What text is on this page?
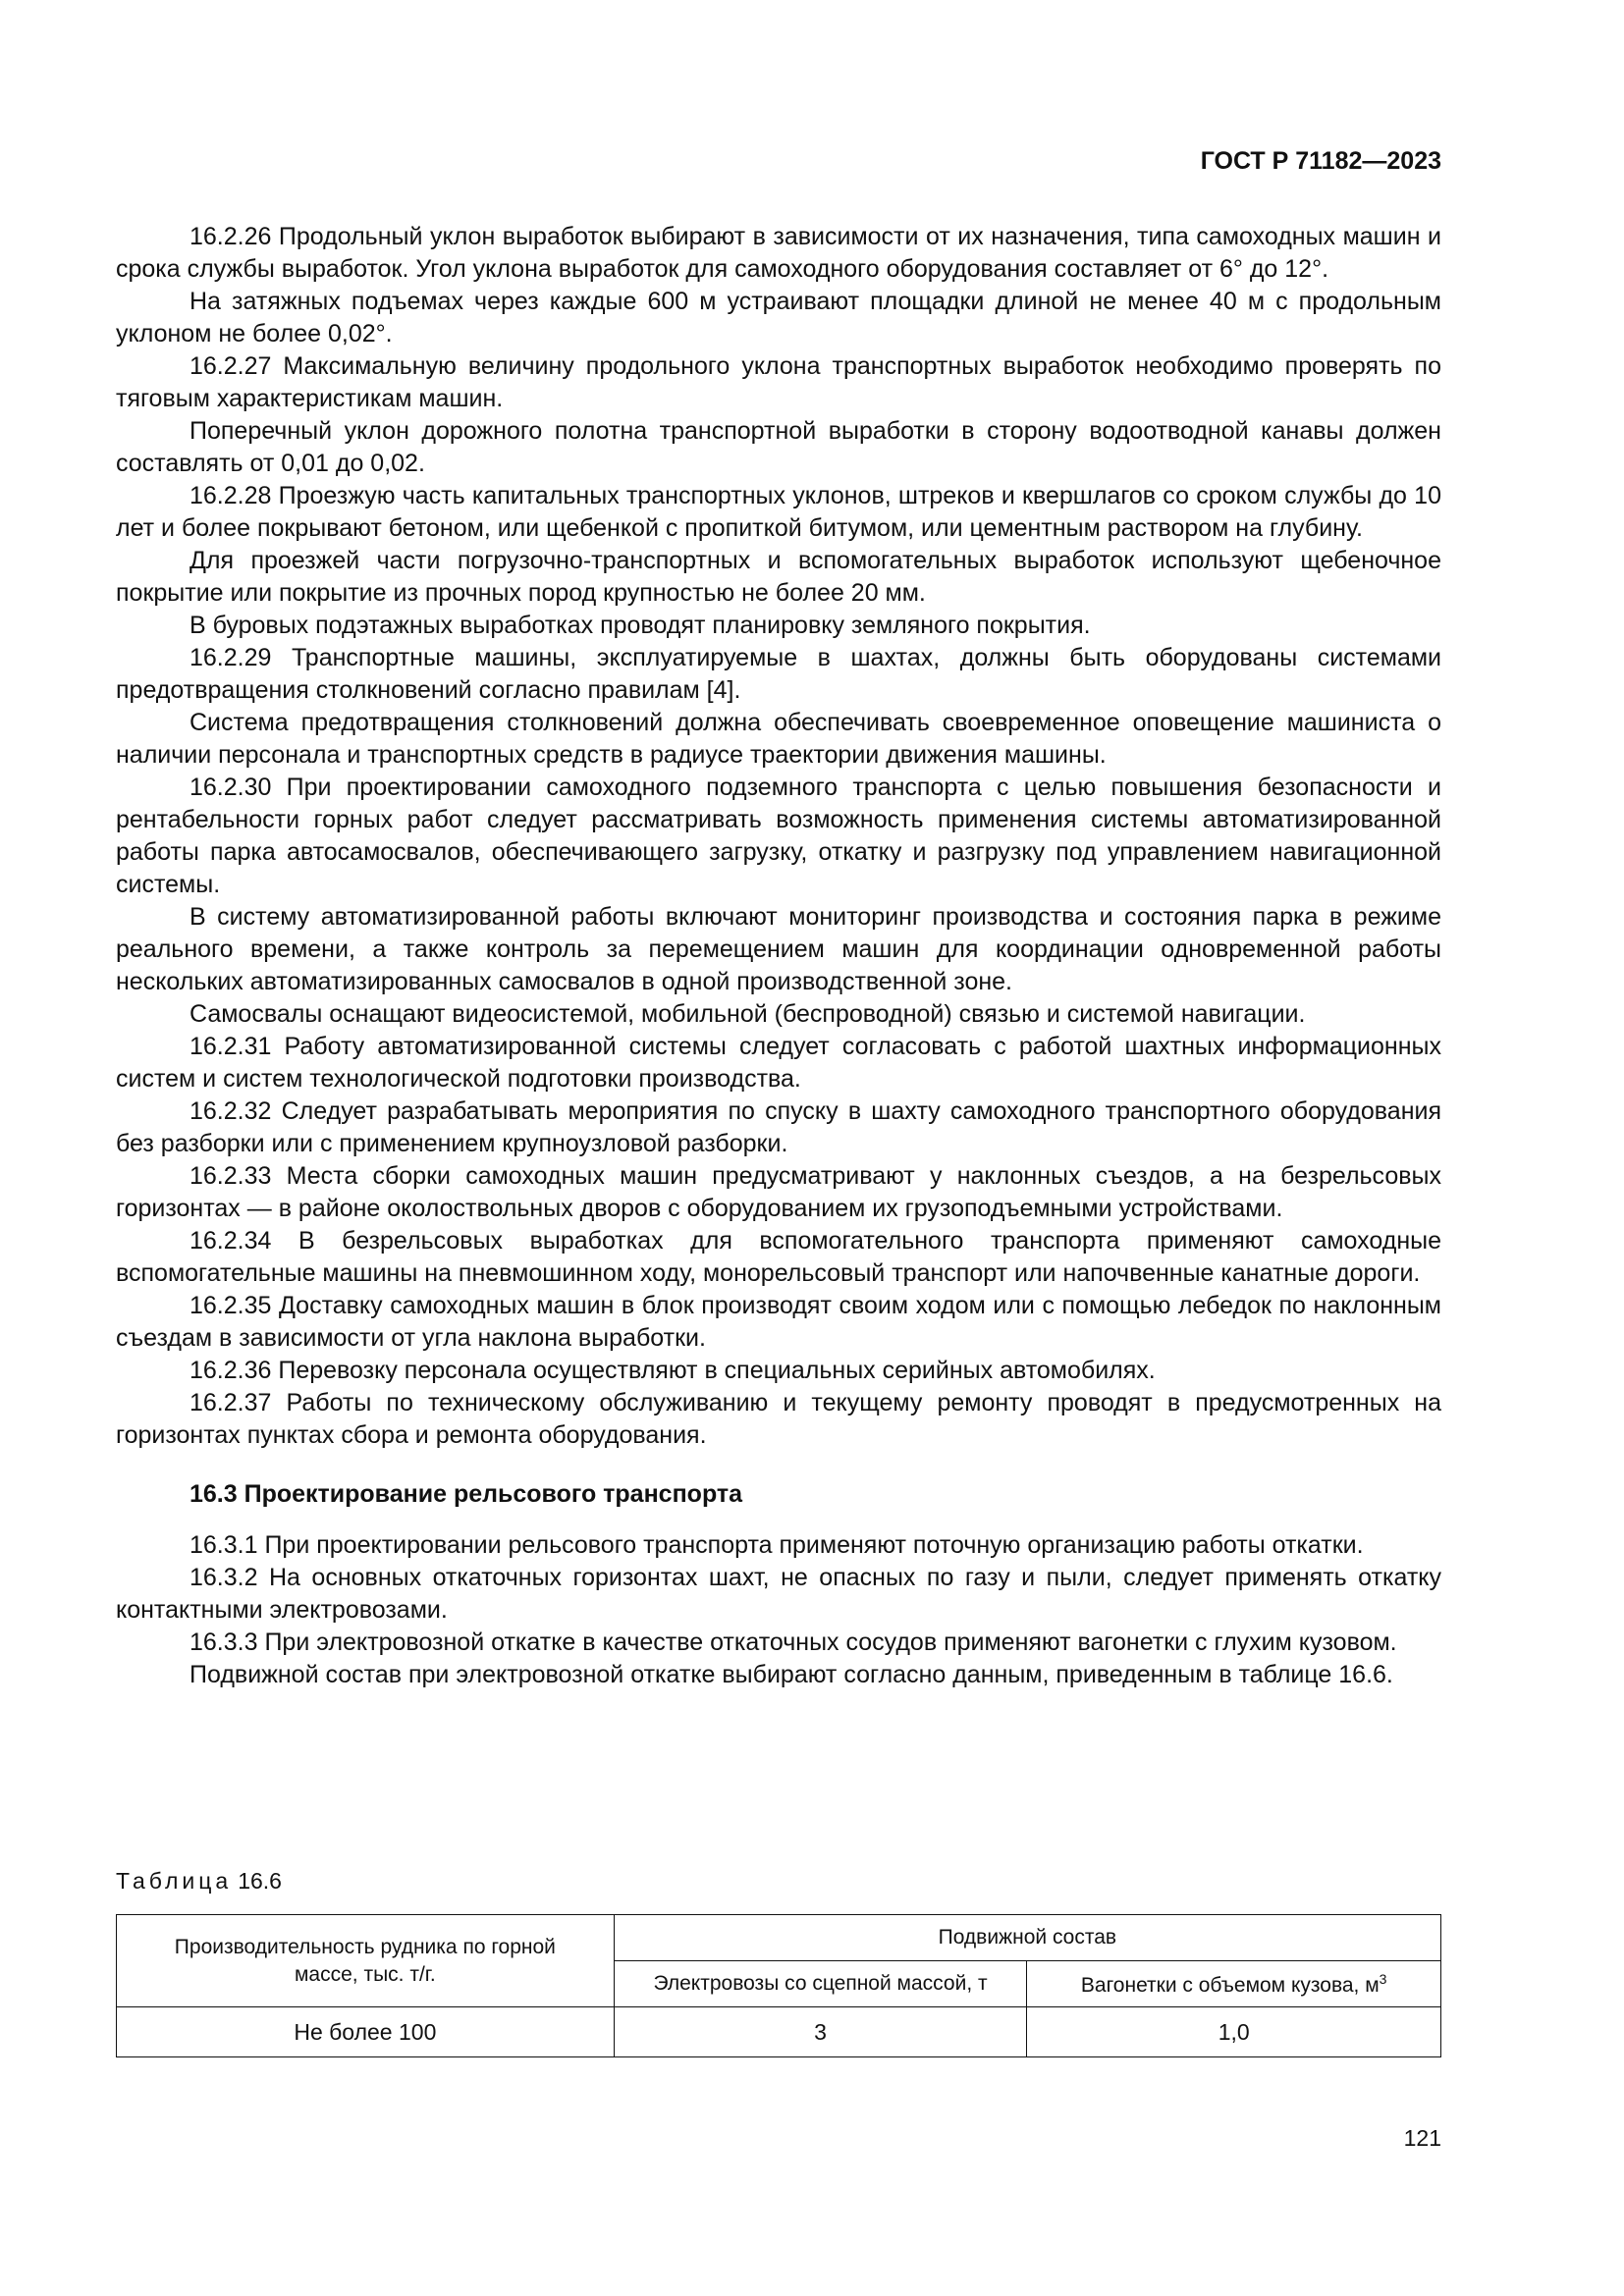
ГОСТ Р 71182—2023

16.2.26 Продольный уклон выработок выбирают в зависимости от их назначения, типа самоходных машин и срока службы выработок. Угол уклона выработок для самоходного оборудования составляет от 6° до 12°.

На затяжных подъемах через каждые 600 м устраивают площадки длиной не менее 40 м с продольным уклоном не более 0,02°.

16.2.27 Максимальную величину продольного уклона транспортных выработок необходимо проверять по тяговым характеристикам машин.

Поперечный уклон дорожного полотна транспортной выработки в сторону водоотводной канавы должен составлять от 0,01 до 0,02.

16.2.28 Проезжую часть капитальных транспортных уклонов, штреков и квершлагов со сроком службы до 10 лет и более покрывают бетоном, или щебенкой с пропиткой битумом, или цементным раствором на глубину.

Для проезжей части погрузочно-транспортных и вспомогательных выработок используют щебеночное покрытие или покрытие из прочных пород крупностью не более 20 мм.

В буровых подэтажных выработках проводят планировку земляного покрытия.

16.2.29 Транспортные машины, эксплуатируемые в шахтах, должны быть оборудованы системами предотвращения столкновений согласно правилам [4].

Система предотвращения столкновений должна обеспечивать своевременное оповещение машиниста о наличии персонала и транспортных средств в радиусе траектории движения машины.

16.2.30 При проектировании самоходного подземного транспорта с целью повышения безопасности и рентабельности горных работ следует рассматривать возможность применения системы автоматизированной работы парка автосамосвалов, обеспечивающего загрузку, откатку и разгрузку под управлением навигационной системы.

В систему автоматизированной работы включают мониторинг производства и состояния парка в режиме реального времени, а также контроль за перемещением машин для координации одновременной работы нескольких автоматизированных самосвалов в одной производственной зоне.

Самосвалы оснащают видеосистемой, мобильной (беспроводной) связью и системой навигации.

16.2.31 Работу автоматизированной системы следует согласовать с работой шахтных информационных систем и систем технологической подготовки производства.

16.2.32 Следует разрабатывать мероприятия по спуску в шахту самоходного транспортного оборудования без разборки или с применением крупноузловой разборки.

16.2.33 Места сборки самоходных машин предусматривают у наклонных съездов, а на безрельсовых горизонтах — в районе околоствольных дворов с оборудованием их грузоподъемными устройствами.

16.2.34 В безрельсовых выработках для вспомогательного транспорта применяют самоходные вспомогательные машины на пневмошинном ходу, монорельсовый транспорт или напочвенные канатные дороги.

16.2.35 Доставку самоходных машин в блок производят своим ходом или с помощью лебедок по наклонным съездам в зависимости от угла наклона выработки.

16.2.36 Перевозку персонала осуществляют в специальных серийных автомобилях.

16.2.37 Работы по техническому обслуживанию и текущему ремонту проводят в предусмотренных на горизонтах пунктах сбора и ремонта оборудования.

16.3 Проектирование рельсового транспорта

16.3.1 При проектировании рельсового транспорта применяют поточную организацию работы откатки.

16.3.2 На основных откаточных горизонтах шахт, не опасных по газу и пыли, следует применять откатку контактными электровозами.

16.3.3 При электровозной откатке в качестве откаточных сосудов применяют вагонетки с глухим кузовом.

Подвижной состав при электровозной откатке выбирают согласно данным, приведенным в таблице 16.6.

Таблица 16.6
Производительность рудника по горной массе, тыс. т/г.	Подвижной состав	
	Электровозы со сцепной массой, т	Вагонетки с объемом кузова, $м^3$
Не более 100	3	1,0
121
